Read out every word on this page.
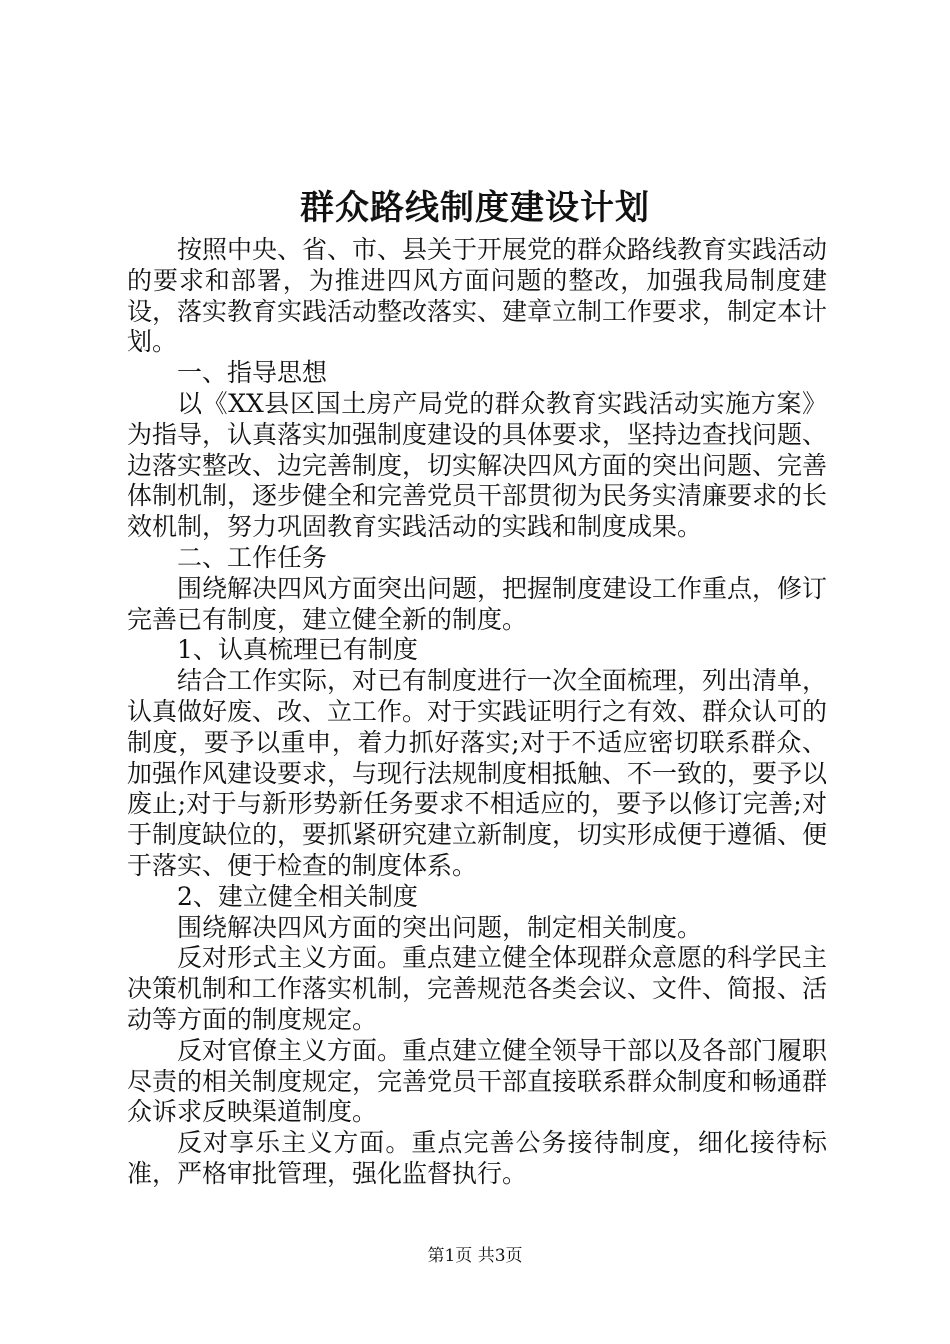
群众路线制度建设计划

按照中央、省、市、县关于开展党的群众路线教育实践活动的要求和部署，为推进四风方面问题的整改，加强我局制度建设，落实教育实践活动整改落实、建章立制工作要求，制定本计划。

一、指导思想

以《XX县区国土房产局党的群众教育实践活动实施方案》为指导，认真落实加强制度建设的具体要求，坚持边查找问题、边落实整改、边完善制度，切实解决四风方面的突出问题、完善体制机制，逐步健全和完善党员干部贯彻为民务实清廉要求的长效机制，努力巩固教育实践活动的实践和制度成果。

二、工作任务

围绕解决四风方面突出问题，把握制度建设工作重点，修订完善已有制度，建立健全新的制度。

1、认真梳理已有制度

结合工作实际，对已有制度进行一次全面梳理，列出清单，认真做好废、改、立工作。对于实践证明行之有效、群众认可的制度，要予以重申，着力抓好落实;对于不适应密切联系群众、加强作风建设要求，与现行法规制度相抵触、不一致的，要予以废止;对于与新形势新任务要求不相适应的，要予以修订完善;对于制度缺位的，要抓紧研究建立新制度，切实形成便于遵循、便于落实、便于检查的制度体系。

2、建立健全相关制度

围绕解决四风方面的突出问题，制定相关制度。

反对形式主义方面。重点建立健全体现群众意愿的科学民主决策机制和工作落实机制，完善规范各类会议、文件、简报、活动等方面的制度规定。

反对官僚主义方面。重点建立健全领导干部以及各部门履职尽责的相关制度规定，完善党员干部直接联系群众制度和畅通群众诉求反映渠道制度。

反对享乐主义方面。重点完善公务接待制度，细化接待标准，严格审批管理，强化监督执行。

第1页 共3页
